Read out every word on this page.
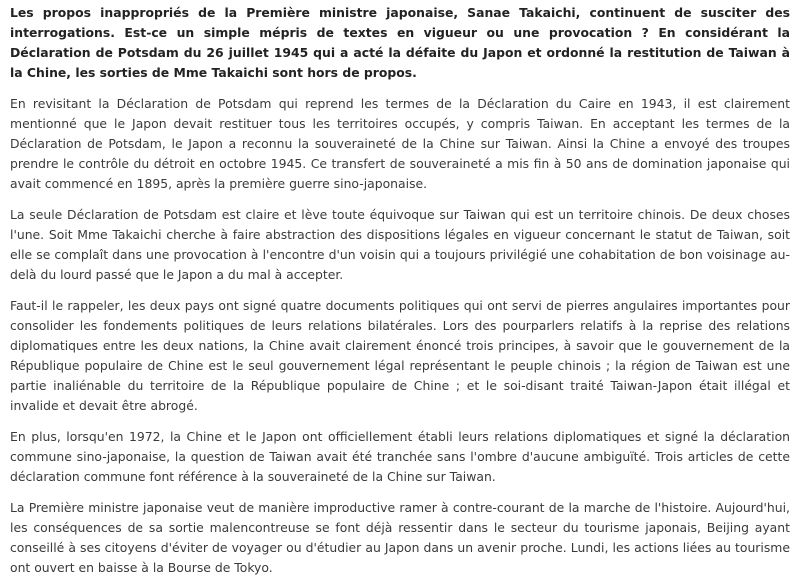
Les propos inappropriés de la Première ministre japonaise, Sanae Takaichi, continuent de susciter des interrogations. Est-ce un simple mépris de textes en vigueur ou une provocation ? En considérant la Déclaration de Potsdam du 26 juillet 1945 qui a acté la défaite du Japon et ordonné la restitution de Taiwan à la Chine, les sorties de Mme Takaichi sont hors de propos.

En revisitant la Déclaration de Potsdam qui reprend les termes de la Déclaration du Caire en 1943, il est clairement mentionné que le Japon devait restituer tous les territoires occupés, y compris Taiwan. En acceptant les termes de la Déclaration de Potsdam, le Japon a reconnu la souveraineté de la Chine sur Taiwan. Ainsi la Chine a envoyé des troupes prendre le contrôle du détroit en octobre 1945. Ce transfert de souveraineté a mis fin à 50 ans de domination japonaise qui avait commencé en 1895, après la première guerre sino-japonaise.

La seule Déclaration de Potsdam est claire et lève toute équivoque sur Taiwan qui est un territoire chinois. De deux choses l'une. Soit Mme Takaichi cherche à faire abstraction des dispositions légales en vigueur concernant le statut de Taiwan, soit elle se complaît dans une provocation à l'encontre d'un voisin qui a toujours privilégié une cohabitation de bon voisinage au-delà du lourd passé que le Japon a du mal à accepter.

Faut-il le rappeler, les deux pays ont signé quatre documents politiques qui ont servi de pierres angulaires importantes pour consolider les fondements politiques de leurs relations bilatérales. Lors des pourparlers relatifs à la reprise des relations diplomatiques entre les deux nations, la Chine avait clairement énoncé trois principes, à savoir que le gouvernement de la République populaire de Chine est le seul gouvernement légal représentant le peuple chinois ; la région de Taiwan est une partie inaliénable du territoire de la République populaire de Chine ; et le soi-disant traité Taiwan-Japon était illégal et invalide et devait être abrogé.

En plus, lorsqu'en 1972, la Chine et le Japon ont officiellement établi leurs relations diplomatiques et signé la déclaration commune sino-japonaise, la question de Taiwan avait été tranchée sans l'ombre d'aucune ambiguïté. Trois articles de cette déclaration commune font référence à la souveraineté de la Chine sur Taiwan.

La Première ministre japonaise veut de manière improductive ramer à contre-courant de la marche de l'histoire. Aujourd'hui, les conséquences de sa sortie malencontreuse se font déjà ressentir dans le secteur du tourisme japonais, Beijing ayant conseillé à ses citoyens d'éviter de voyager ou d'étudier au Japon dans un avenir proche. Lundi, les actions liées au tourisme ont ouvert en baisse à la Bourse de Tokyo.
